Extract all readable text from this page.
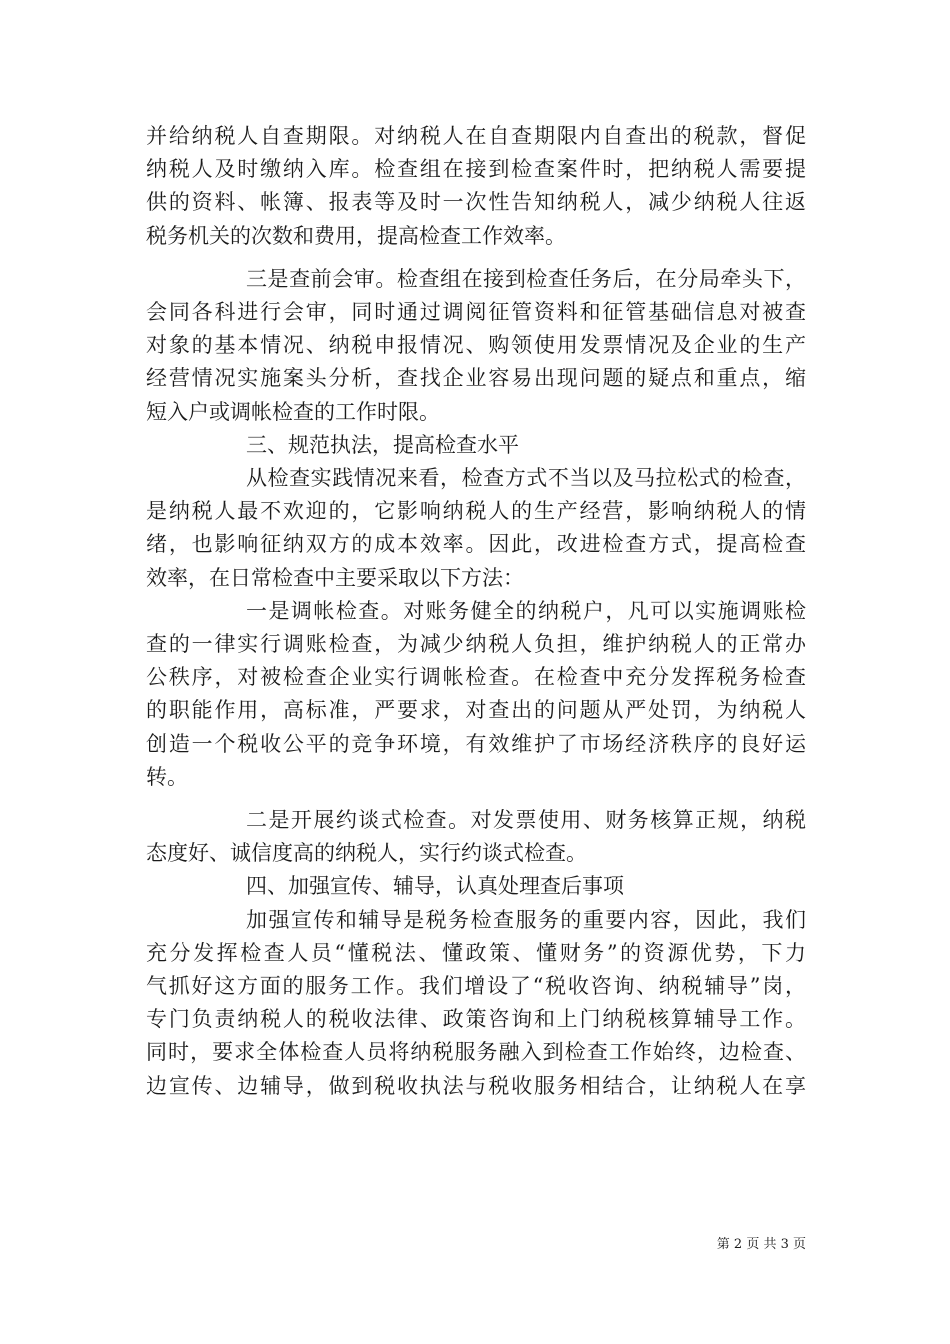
并给纳税人自查期限。对纳税人在自查期限内自查出的税款，督促
纳税人及时缴纳入库。检查组在接到检查案件时，把纳税人需要提
供的资料、帐簿、报表等及时一次性告知纳税人，减少纳税人往返
税务机关的次数和费用，提高检查工作效率。
三是查前会审。检查组在接到检查任务后，在分局牵头下，
会同各科进行会审，同时通过调阅征管资料和征管基础信息对被查
对象的基本情况、纳税申报情况、购领使用发票情况及企业的生产
经营情况实施案头分析，查找企业容易出现问题的疑点和重点，缩
短入户或调帐检查的工作时限。
三、规范执法，提高检查水平
从检查实践情况来看，检查方式不当以及马拉松式的检查，
是纳税人最不欢迎的，它影响纳税人的生产经营，影响纳税人的情
绪，也影响征纳双方的成本效率。因此，改进检查方式，提高检查
效率，在日常检查中主要采取以下方法：
一是调帐检查。对账务健全的纳税户，凡可以实施调账检
查的一律实行调账检查，为减少纳税人负担，维护纳税人的正常办
公秩序，对被检查企业实行调帐检查。在检查中充分发挥税务检查
的职能作用，高标准，严要求，对查出的问题从严处罚，为纳税人
创造一个税收公平的竞争环境，有效维护了市场经济秩序的良好运
转。
二是开展约谈式检查。对发票使用、财务核算正规，纳税
态度好、诚信度高的纳税人，实行约谈式检查。
四、加强宣传、辅导，认真处理查后事项
加强宣传和辅导是税务检查服务的重要内容，因此，我们
充分发挥检查人员“懂税法、懂政策、懂财务”的资源优势，下力
气抓好这方面的服务工作。我们增设了“税收咨询、纳税辅导”岗，
专门负责纳税人的税收法律、政策咨询和上门纳税核算辅导工作。
同时，要求全体检查人员将纳税服务融入到检查工作始终，边检查、
边宣传、边辅导，做到税收执法与税收服务相结合，让纳税人在享
第 2 页 共 3 页
